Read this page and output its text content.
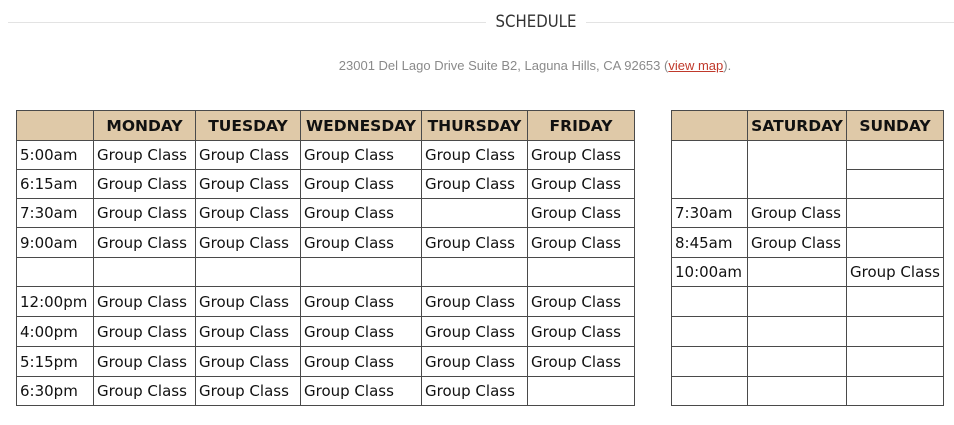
SCHEDULE
23001 Del Lago Drive Suite B2, Laguna Hills, CA 92653 (view map).
	MONDAY	TUESDAY	WEDNESDAY	THURSDAY	FRIDAY
5:00am	Group Class	Group Class	Group Class	Group Class	Group Class
6:15am	Group Class	Group Class	Group Class	Group Class	Group Class
7:30am	Group Class	Group Class	Group Class		Group Class
9:00am	Group Class	Group Class	Group Class	Group Class	Group Class

12:00pm	Group Class	Group Class	Group Class	Group Class	Group Class
4:00pm	Group Class	Group Class	Group Class	Group Class	Group Class
5:15pm	Group Class	Group Class	Group Class	Group Class	Group Class
6:30pm	Group Class	Group Class	Group Class	Group Class	
	SATURDAY	SUNDAY

7:30am	Group Class	
8:45am	Group Class	
10:00am		Group Class
